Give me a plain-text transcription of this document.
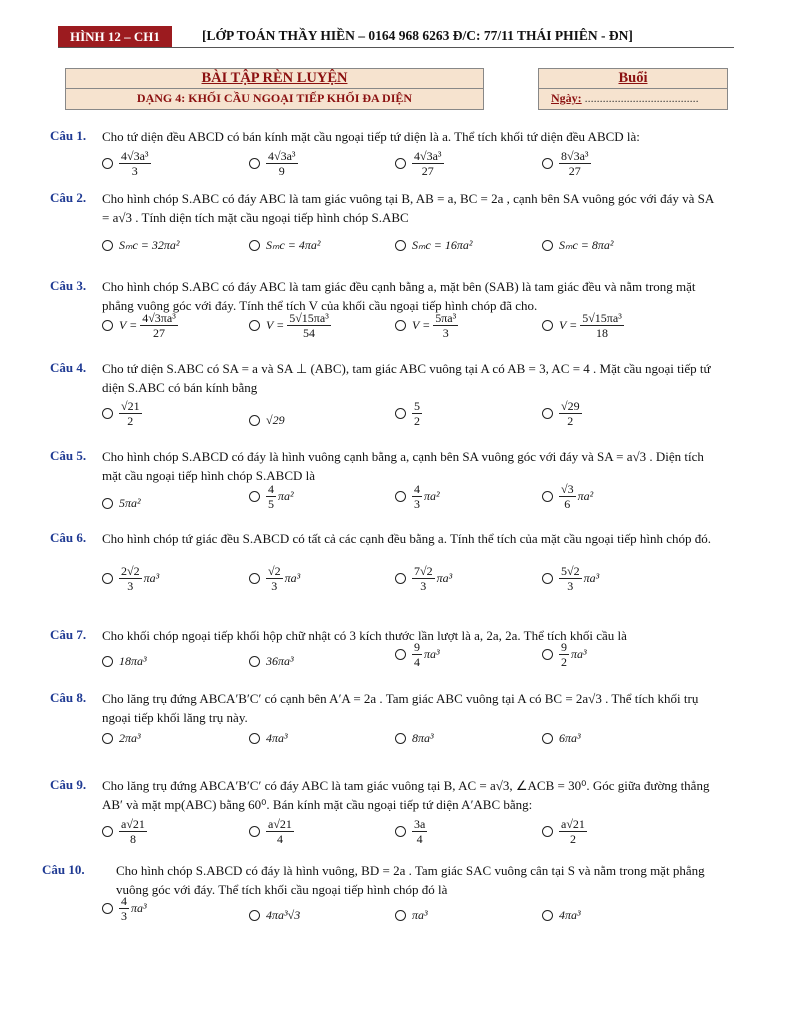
HÌNH 12 – CH1	[LỚP TOÁN THẦY HIỀN – 0164 968 6263 Đ/C: 77/11 THÁI PHIÊN - ĐN]
BÀI TẬP RÈN LUYỆN
DẠNG 4: KHỐI CẦU NGOẠI TIẾP KHỐI ĐA DIỆN
Buổi
Ngày: ......................................
Câu 1. Cho tứ diện đều ABCD có bán kính mặt cầu ngoại tiếp tứ diện là a. Thể tích khối tứ diện đều ABCD là:
$\frac{\text{4√3a³}}{3}$	$\frac{\text{4√3a³}}{9}$	$\frac{\text{4√3a³}}{27}$	$\frac{\text{8√3a³}}{27}$
Câu 2. Cho hình chóp S.ABC có đáy ABC là tam giác vuông tại B, AB = a, BC = 2a , cạnh bên SA vuông góc với đáy và SA = a√3 . Tính diện tích mặt cầu ngoại tiếp hình chóp S.ABC
Sₘc = 32πa²	Sₘc = 4πa²	Sₘc = 16πa²	Sₘc = 8πa²
Câu 3. Cho hình chóp S.ABC có đáy ABC là tam giác đều cạnh bằng a, mặt bên (SAB) là tam giác đều và nằm trong mặt phẳng vuông góc với đáy. Tính thể tích V của khối cầu ngoại tiếp hình chóp đã cho.
V =
$\frac{\text{4√3πa³}}{27}$	V =
$\frac{\text{5√15πa³}}{54}$	V =
$\frac{\text{5πa³}}{3}$	V =
$\frac{\text{5√15πa³}}{18}$
Câu 4. Cho tứ diện S.ABC có SA = a và SA ⊥ (ABC), tam giác ABC vuông tại A có AB = 3, AC = 4 . Mặt cầu ngoại tiếp tứ diện S.ABC có bán kính bằng
$\frac{√21}{2}$	√29	$\frac{5}{2}$	$\frac{√29}{2}$
Câu 5. Cho hình chóp S.ABCD có đáy là hình vuông cạnh bằng a, cạnh bên SA vuông góc với đáy và SA = a√3 . Diện tích mặt cầu ngoại tiếp hình chóp S.ABCD là
5πa²	$\frac{4}{5} \pi a^2$	$\frac{4}{3} \pi a^2$	$\frac{√3}{6} \pi a^2$
Câu 6. Cho hình chóp tứ giác đều S.ABCD có tất cả các cạnh đều bằng a. Tính thể tích của mặt cầu ngoại tiếp hình chóp đó.
$\frac{2√2}{3} \pi a^3$	$\frac{√2}{3} \pi a^3$	$\frac{7√2}{3} \pi a^3$	$\frac{5√2}{3} \pi a^3$
Câu 7. Cho khối chóp ngoại tiếp khối hộp chữ nhật có 3 kích thước lần lượt là a, 2a, 2a. Thể tích khối cầu là
18πa³	36πa³	$\frac{9}{4} \pi a^3$	$\frac{9}{2} \pi a^3$
Câu 8. Cho lăng trụ đứng ABCA′B′C′ có cạnh bên A′A = 2a . Tam giác ABC vuông tại A có BC = 2a√3 . Thể tích khối trụ ngoại tiếp khối lăng trụ này.
2πa³	4πa³	8πa³	6πa³
Câu 9. Cho lăng trụ đứng ABCA′B′C′ có đáy ABC là tam giác vuông tại B, AC = a√3, ∠ACB = 30⁰. Góc giữa đường thẳng AB′ và mặt mp(ABC) bằng 60⁰. Bán kính mặt cầu ngoại tiếp tứ diện A′ABC bằng:
$\frac{a√21}{8}$	$\frac{a√21}{4}$	$\frac{3a}{4}$	$\frac{a√21}{2}$
Câu 10. Cho hình chóp S.ABCD có đáy là hình vuông, BD = 2a . Tam giác SAC vuông cân tại S và nằm trong mặt phẳng vuông góc với đáy. Thể tích khối cầu ngoại tiếp hình chóp đó là
$\frac{4}{3} \pi a^3$	4πa³√3	πa³	4πa³
